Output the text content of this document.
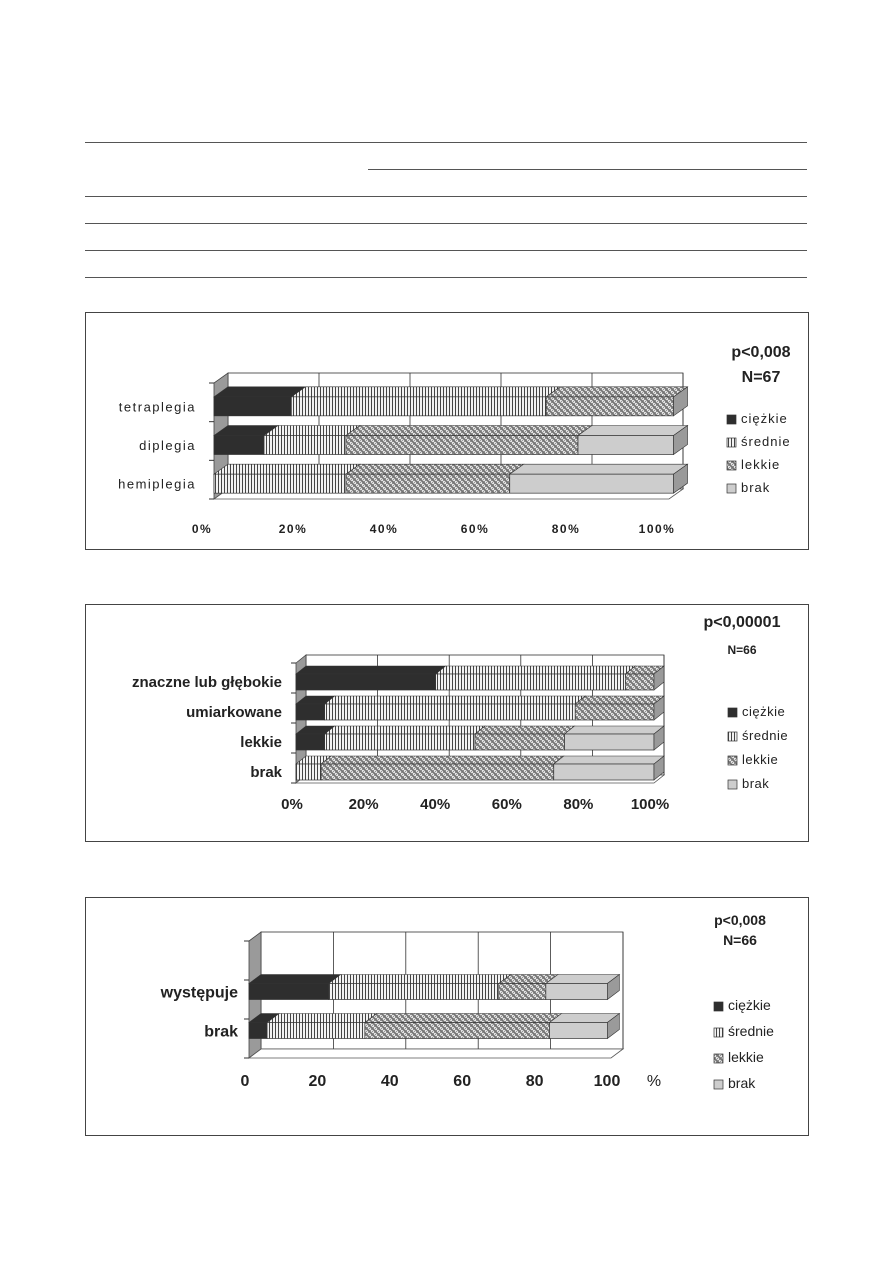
tetraplegia
diplegia
hemiplegia
0%	20%	40%	60%	80%	100%
p<0,008
N=67
ciężkie
średnie
lekkie
brak
znaczne lub głębokie
umiarkowane
lekkie
brak
0%	20%	40%	60%	80% 100%
p<0,00001
N=66
ciężkie
średnie
lekkie
brak
występuje
brak
0	20	40	60	80	100 %
p<0,008
N=66
ciężkie
średnie
lekkie
brak
